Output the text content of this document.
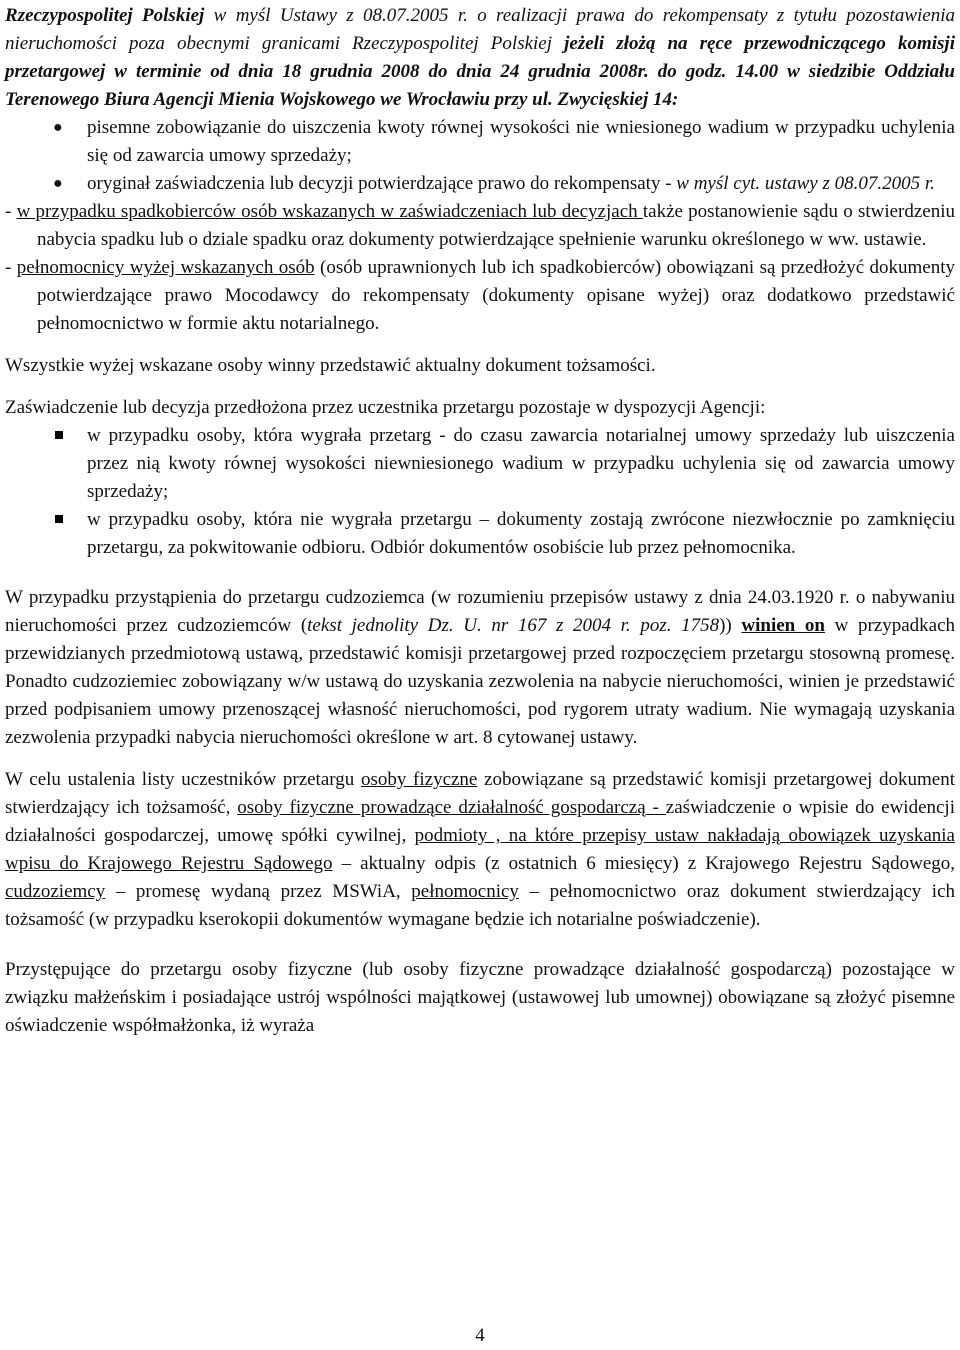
Rzeczypospolitej Polskiej w myśl Ustawy z 08.07.2005 r. o realizacji prawa do rekompensaty z tytułu pozostawienia nieruchomości poza obecnymi granicami Rzeczypospolitej Polskiej jeżeli złożą na ręce przewodniczącego komisji przetargowej w terminie od dnia 18 grudnia 2008 do dnia 24 grudnia 2008r. do godz. 14.00 w siedzibie Oddziału Terenowego Biura Agencji Mienia Wojskowego we Wrocławiu przy ul. Zwycięskiej 14:

● pisemne zobowiązanie do uiszczenia kwoty równej wysokości nie wniesionego wadium w przypadku uchylenia się od zawarcia umowy sprzedaży;
● oryginał zaświadczenia lub decyzji potwierdzające prawo do rekompensaty - w myśl cyt. ustawy z 08.07.2005 r.

- w przypadku spadkobierców osób wskazanych w zaświadczeniach lub decyzjach także postanowienie sądu o stwierdzeniu nabycia spadku lub o dziale spadku oraz dokumenty potwierdzające spełnienie warunku określonego w ww. ustawie.

- pełnomocnicy wyżej wskazanych osób (osób uprawnionych lub ich spadkobierców) obowiązani są przedłożyć dokumenty potwierdzające prawo Mocodawcy do rekompensaty (dokumenty opisane wyżej) oraz dodatkowo przedstawić pełnomocnictwo w formie aktu notarialnego.

Wszystkie wyżej wskazane osoby winny przedstawić aktualny dokument tożsamości.

Zaświadczenie lub decyzja przedłożona przez uczestnika przetargu pozostaje w dyspozycji Agencji:

w przypadku osoby, która wygrała przetarg - do czasu zawarcia notarialnej umowy sprzedaży lub uiszczenia przez nią kwoty równej wysokości niewniesionego wadium w przypadku uchylenia się od zawarcia umowy sprzedaży;
w przypadku osoby, która nie wygrała przetargu – dokumenty zostają zwrócone niezwłocznie po zamknięciu przetargu, za pokwitowanie odbioru. Odbiór dokumentów osobiście lub przez pełnomocnika.

W przypadku przystąpienia do przetargu cudzoziemca (w rozumieniu przepisów ustawy z dnia 24.03.1920 r. o nabywaniu nieruchomości przez cudzoziemców (tekst jednolity Dz. U. nr 167 z 2004 r. poz. 1758)) winien on w przypadkach przewidzianych przedmiotową ustawą, przedstawić komisji przetargowej przed rozpoczęciem przetargu stosowną promesę. Ponadto cudzoziemiec zobowiązany w/w ustawą do uzyskania zezwolenia na nabycie nieruchomości, winien je przedstawić przed podpisaniem umowy przenoszącej własność nieruchomości, pod rygorem utraty wadium. Nie wymagają uzyskania zezwolenia przypadki nabycia nieruchomości określone w art. 8 cytowanej ustawy.

W celu ustalenia listy uczestników przetargu osoby fizyczne zobowiązane są przedstawić komisji przetargowej dokument stwierdzający ich tożsamość, osoby fizyczne prowadzące działalność gospodarczą - zaświadczenie o wpisie do ewidencji działalności gospodarczej, umowę spółki cywilnej, podmioty , na które przepisy ustaw nakładają obowiązek uzyskania wpisu do Krajowego Rejestru Sądowego – aktualny odpis (z ostatnich 6 miesięcy) z Krajowego Rejestru Sądowego, cudzoziemcy – promesę wydaną przez MSWiA, pełnomocnicy – pełnomocnictwo oraz dokument stwierdzający ich tożsamość (w przypadku kserokopii dokumentów wymagane będzie ich notarialne poświadczenie).

Przystępujące do przetargu osoby fizyczne (lub osoby fizyczne prowadzące działalność gospodarczą) pozostające w związku małżeńskim i posiadające ustrój wspólności majątkowej (ustawowej lub umownej) obowiązane są złożyć pisemne oświadczenie współmałżonka, iż wyraża

4
